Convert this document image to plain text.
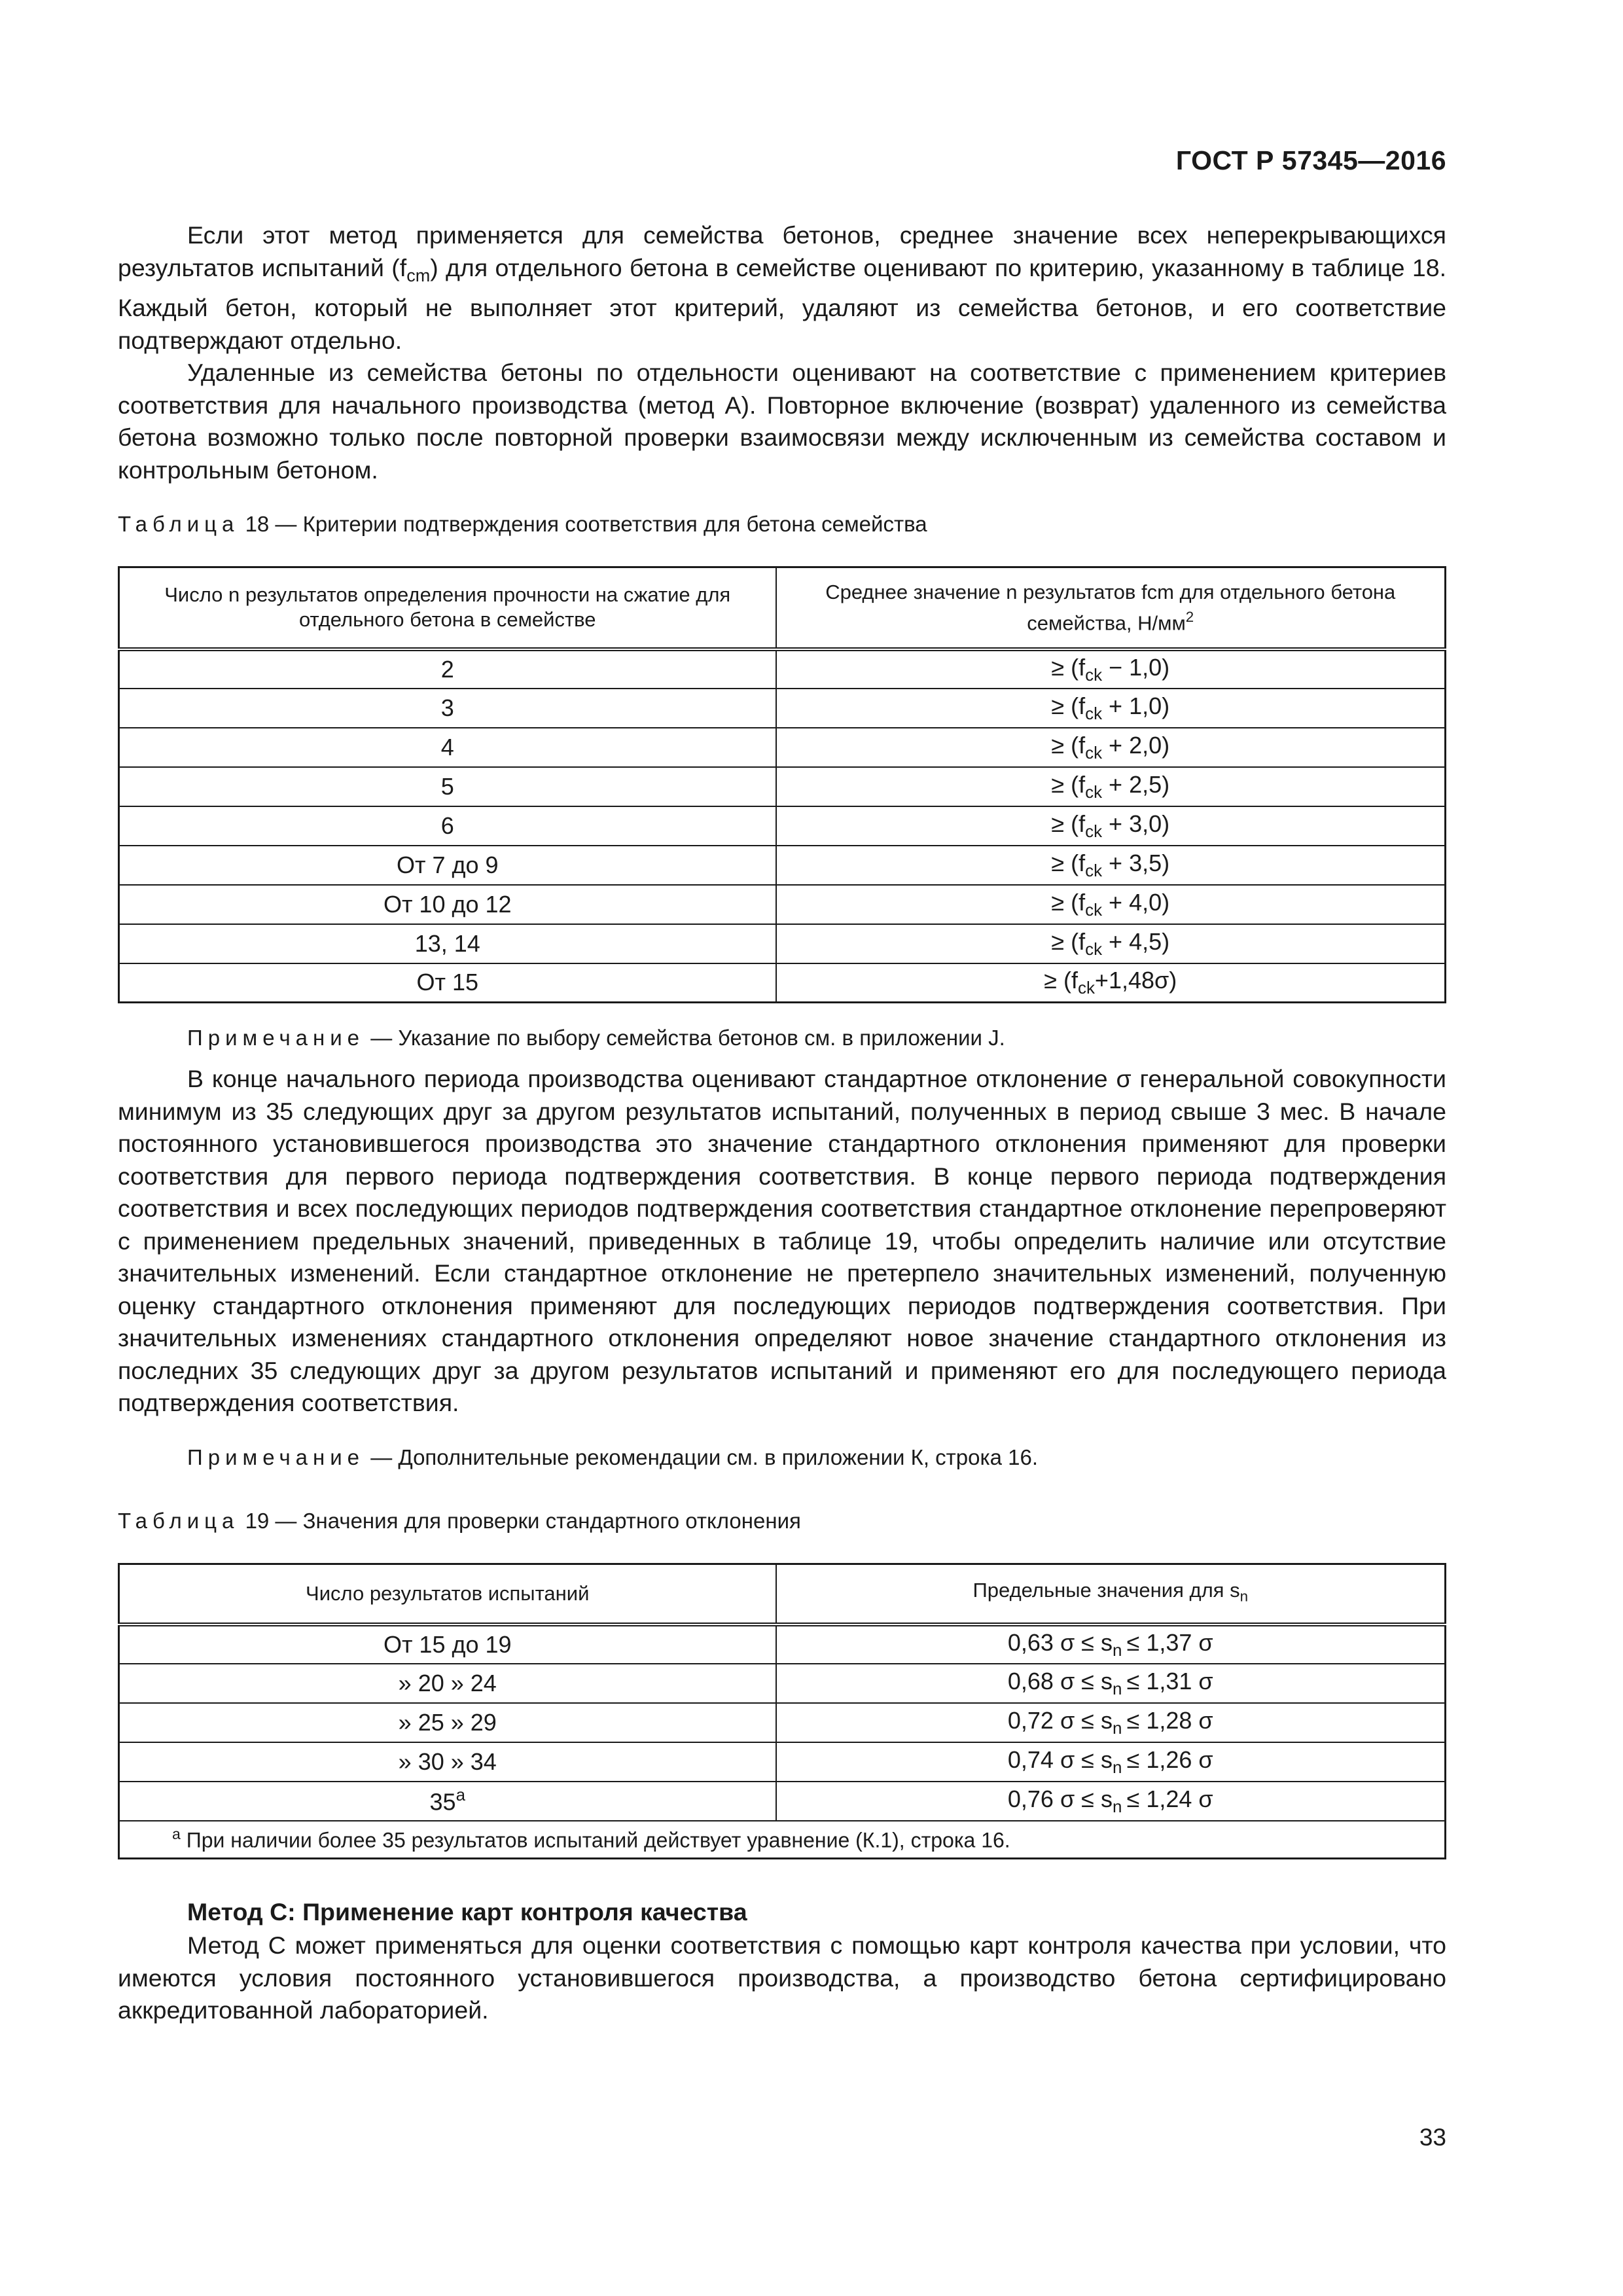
ГОСТ Р 57345—2016

Если этот метод применяется для семейства бетонов, среднее значение всех неперекрывающихся результатов испытаний $(f_{cm})$ для отдельного бетона в семействе оценивают по критерию, указанному в таблице 18. Каждый бетон, который не выполняет этот критерий, удаляют из семейства бетонов, и его соответствие подтверждают отдельно.

Удаленные из семейства бетоны по отдельности оценивают на соответствие с применением критериев соответствия для начального производства (метод А). Повторное включение (возврат) удаленного из семейства бетона возможно только после повторной проверки взаимосвязи между исключенным из семейства составом и контрольным бетоном.

Таблица 18 — Критерии подтверждения соответствия для бетона семейства
Число n результатов определения прочности на сжатие для отдельного бетона в семействе	Среднее значение n результатов fcm для отдельного бетона семейства, $Н/мм^2$
2	≥ $(f_{ck} - 1,0)$
3	≥ $(f_{ck} + 1,0)$
4	≥ $(f_{ck} + 2,0)$
5	≥ $(f_{ck} + 2,5)$
6	≥ $(f_{ck} + 3,0)$
От 7 до 9	≥ $(f_{ck} + 3,5)$
От 10 до 12	≥ $(f_{ck} + 4,0)$
13, 14	≥ $(f_{ck} + 4,5)$
От 15	≥ $(f_{ck}+1,48\sigma)$
Примечание — Указание по выбору семейства бетонов см. в приложении J.

В конце начального периода производства оценивают стандартное отклонение σ генеральной совокупности минимум из 35 следующих друг за другом результатов испытаний, полученных в период свыше 3 мес. В начале постоянного установившегося производства это значение стандартного отклонения применяют для проверки соответствия для первого периода подтверждения соответствия. В конце первого периода подтверждения соответствия и всех последующих периодов подтверждения соответствия стандартное отклонение перепроверяют с применением предельных значений, приведенных в таблице 19, чтобы определить наличие или отсутствие значительных изменений. Если стандартное отклонение не претерпело значительных изменений, полученную оценку стандартного отклонения применяют для последующих периодов подтверждения соответствия. При значительных изменениях стандартного отклонения определяют новое значение стандартного отклонения из последних 35 следующих друг за другом результатов испытаний и применяют его для последующего периода подтверждения соответствия.

Примечание — Дополнительные рекомендации см. в приложении К, строка 16.
Таблица 19 — Значения для проверки стандартного отклонения
Число результатов испытаний	Предельные значения для $s_n$
От 15 до 19	0,63 $\sigma \le s_n \le 1,37$ σ
» 20 » 24	0,68 $\sigma \le s_n \le 1,31$ σ
» 25 » 29	0,72 $\sigma \le s_n \le 1,28$ σ
» 30 » 34	0,74 $\sigma \le s_n \le 1,26$ σ
35$^a$	0,76 $\sigma \le s_n \le 1,24$ σ
$^a$ При наличии более 35 результатов испытаний действует уравнение (К.1), строка 16.	
Метод С: Применение карт контроля качества

Метод С может применяться для оценки соответствия с помощью карт контроля качества при условии, что имеются условия постоянного установившегося производства, а производство бетона сертифицировано аккредитованной лабораторией.

33
